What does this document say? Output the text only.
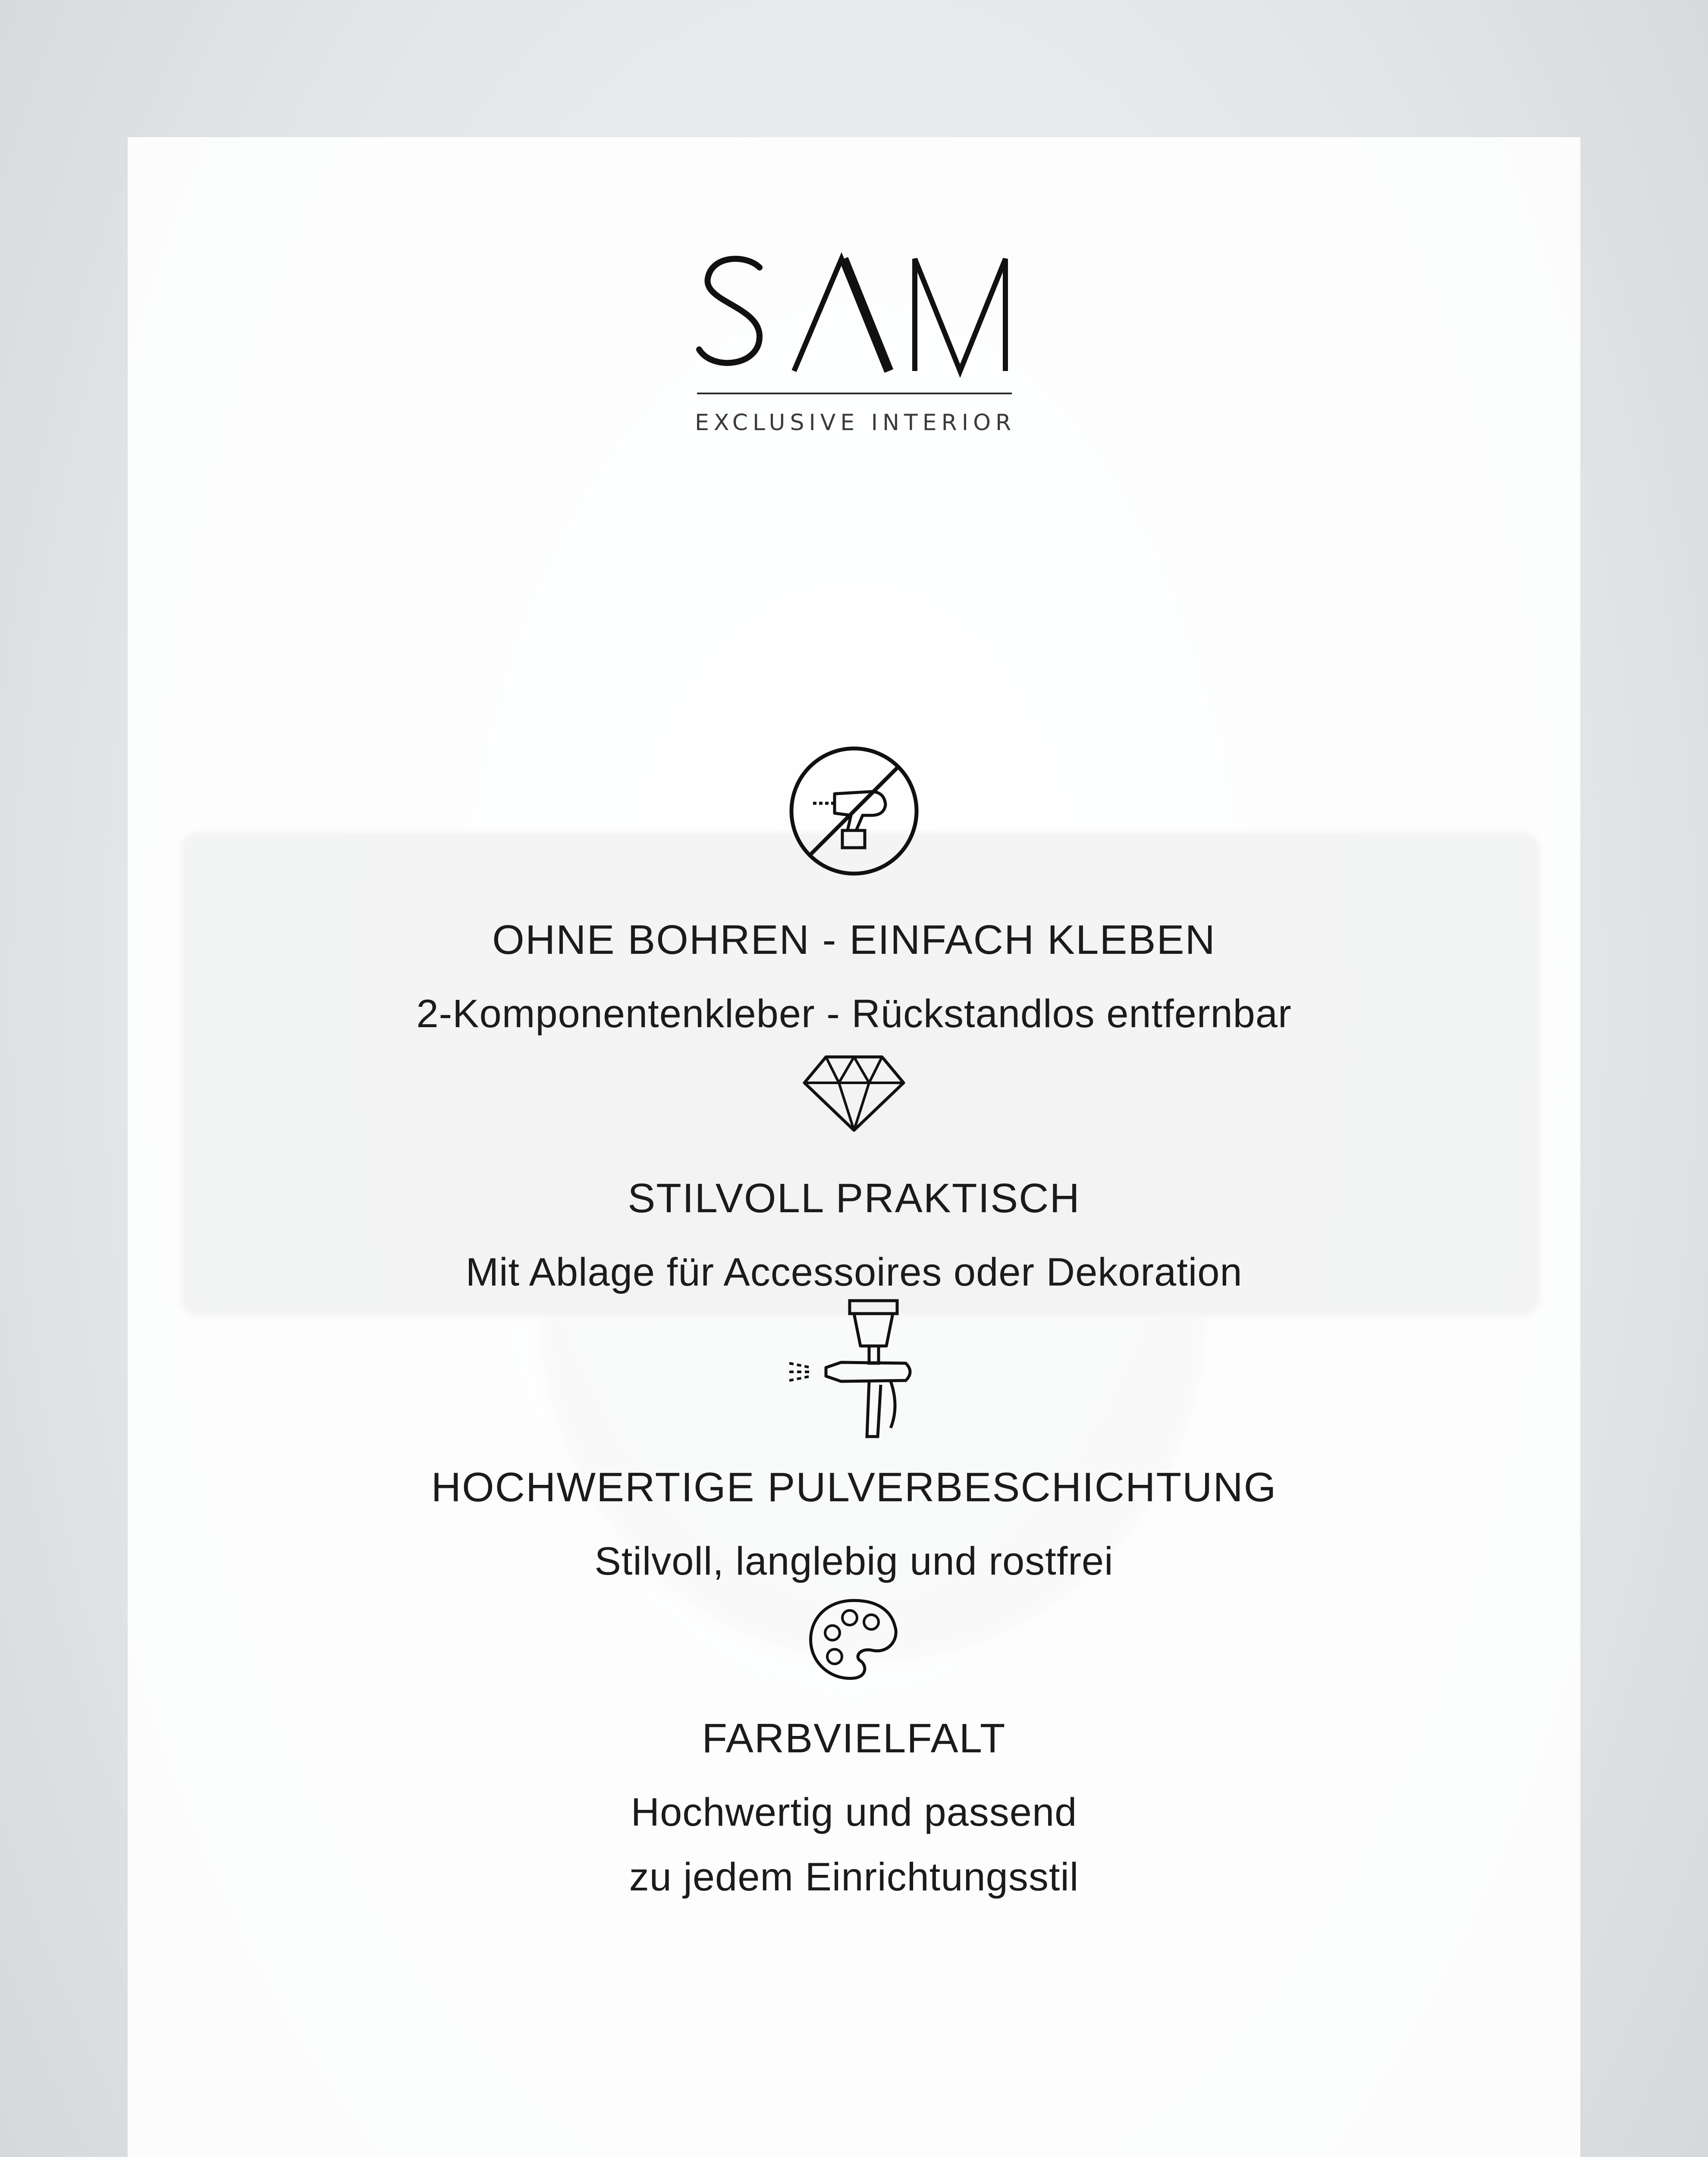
EXCLUSIVE INTERIOR
OHNE BOHREN - EINFACH KLEBEN
2-Komponentenkleber - Rückstandlos entfernbar
STILVOLL PRAKTISCH
Mit Ablage für Accessoires oder Dekoration
HOCHWERTIGE PULVERBESCHICHTUNG
Stilvoll, langlebig und rostfrei
FARBVIELFALT
Hochwertig und passend
zu jedem Einrichtungsstil
